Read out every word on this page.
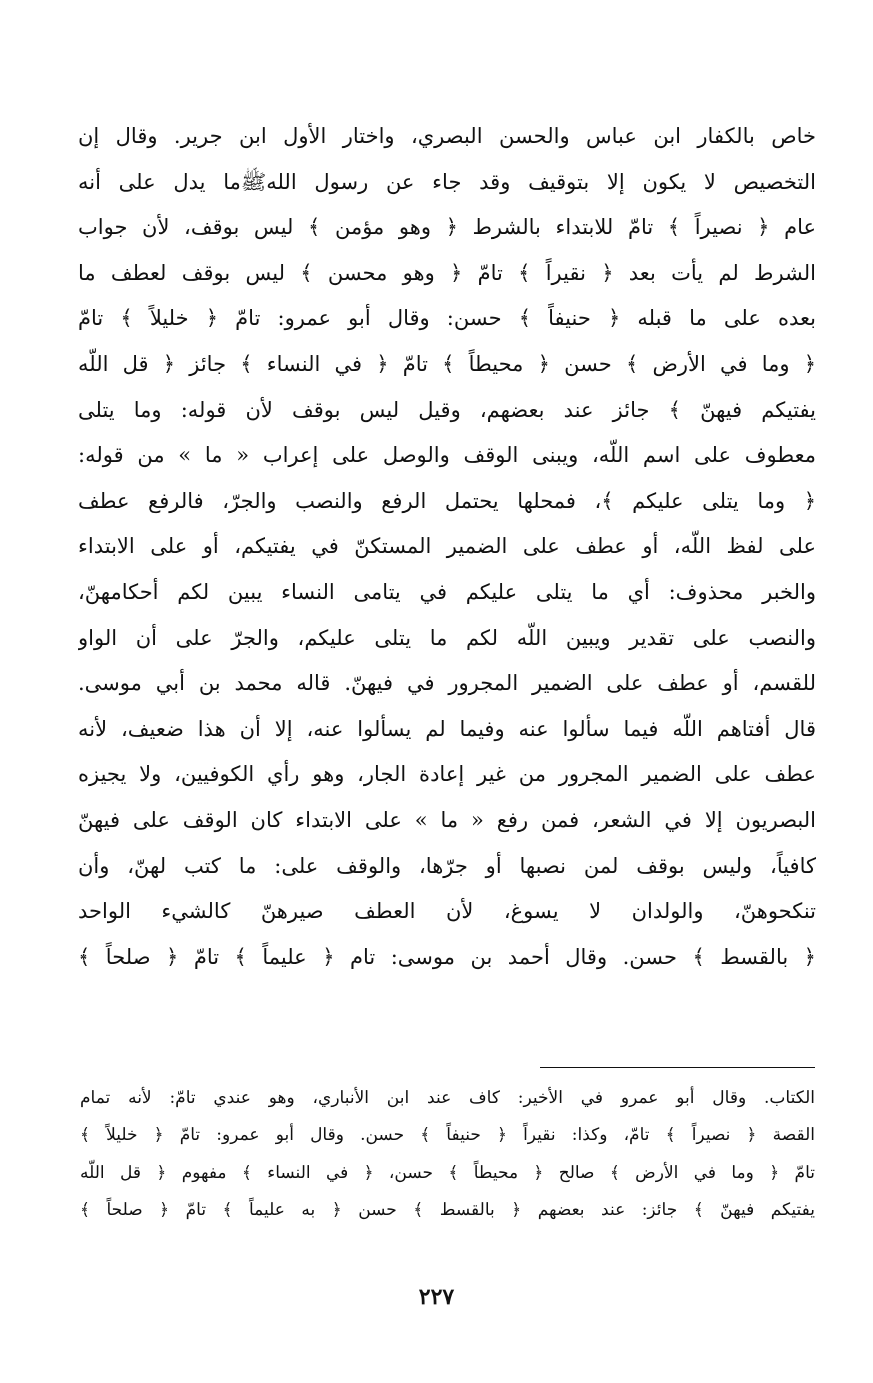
خاص بالكفار ابن عباس والحسن البصري، واختار الأول ابن جرير. وقال إن
التخصيص لا يكون إلا بتوقيف وقد جاء عن رسول اللهﷺما يدل على أنه
عام ﴿ نصيراً ﴾ تامّ للابتداء بالشرط ﴿ وهو مؤمن ﴾ ليس بوقف، لأن جواب
الشرط لم يأت بعد ﴿ نقيراً ﴾ تامّ ﴿ وهو محسن ﴾ ليس بوقف لعطف ما
بعده على ما قبله ﴿ حنيفاً ﴾ حسن: وقال أبو عمرو: تامّ ﴿ خليلاً ﴾ تامّ
﴿ وما في الأرض ﴾ حسن ﴿ محيطاً ﴾ تامّ ﴿ في النساء ﴾ جائز ﴿ قل اللّه
يفتيكم فيهنّ ﴾ جائز عند بعضهم، وقيل ليس بوقف لأن قوله: وما يتلى
معطوف على اسم اللّه، ويبنى الوقف والوصل على إعراب « ما » من قوله:
﴿ وما يتلى عليكم ﴾، فمحلها يحتمل الرفع والنصب والجرّ، فالرفع عطف
على لفظ اللّه، أو عطف على الضمير المستكنّ في يفتيكم، أو على الابتداء
والخبر محذوف: أي ما يتلى عليكم في يتامى النساء يبين لكم أحكامهنّ،
والنصب على تقدير ويبين اللّه لكم ما يتلى عليكم، والجرّ على أن الواو
للقسم، أو عطف على الضمير المجرور في فيهنّ. قاله محمد بن أبي موسى.
قال أفتاهم اللّه فيما سألوا عنه وفيما لم يسألوا عنه، إلا أن هذا ضعيف، لأنه
عطف على الضمير المجرور من غير إعادة الجار، وهو رأي الكوفيين، ولا يجيزه
البصريون إلا في الشعر، فمن رفع « ما » على الابتداء كان الوقف على فيهنّ
كافياً، وليس بوقف لمن نصبها أو جرّها، والوقف على: ما كتب لهنّ، وأن
تنكحوهنّ، والولدان لا يسوغ، لأن العطف صيرهنّ كالشيء الواحد
﴿ بالقسط ﴾ حسن. وقال أحمد بن موسى: تام ﴿ عليماً ﴾ تامّ ﴿ صلحاً ﴾
الكتاب. وقال أبو عمرو في الأخير: كاف عند ابن الأنباري، وهو عندي تامّ: لأنه تمام
القصة ﴿ نصيراً ﴾ تامّ، وكذا: نقيراً ﴿ حنيفاً ﴾ حسن. وقال أبو عمرو: تامّ ﴿ خليلاً ﴾
تامّ ﴿ وما في الأرض ﴾ صالح ﴿ محيطاً ﴾ حسن، ﴿ في النساء ﴾ مفهوم ﴿ قل اللّه
يفتيكم فيهنّ ﴾ جائز: عند بعضهم ﴿ بالقسط ﴾ حسن ﴿ به عليماً ﴾ تامّ ﴿ صلحاً ﴾
٢٢٧
